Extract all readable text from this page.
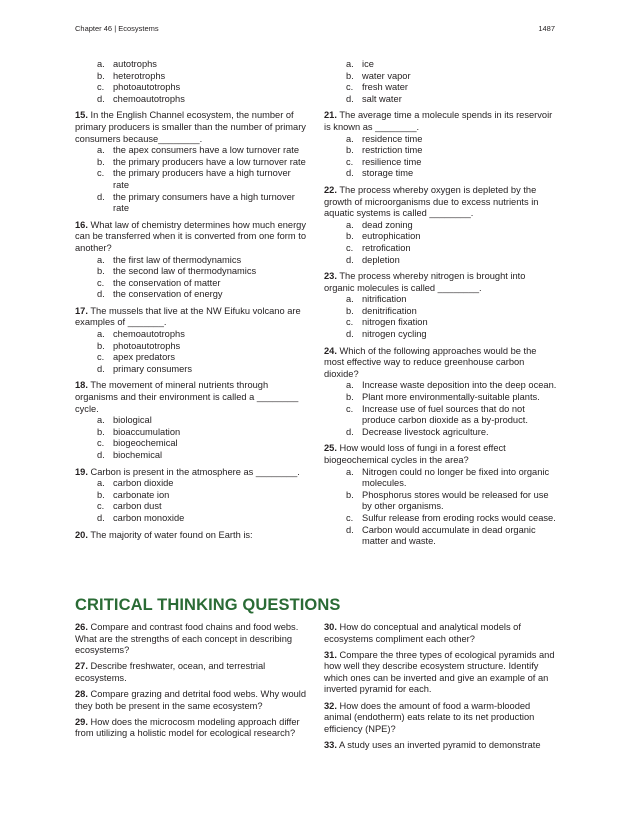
Chapter 46 | Ecosystems	1487
a. autotrophs
b. heterotrophs
c. photoautotrophs
d. chemoautotrophs
15. In the English Channel ecosystem, the number of primary producers is smaller than the number of primary consumers because________.
a. the apex consumers have a low turnover rate
b. the primary producers have a low turnover rate
c. the primary producers have a high turnover rate
d. the primary consumers have a high turnover rate
16. What law of chemistry determines how much energy can be transferred when it is converted from one form to another?
a. the first law of thermodynamics
b. the second law of thermodynamics
c. the conservation of matter
d. the conservation of energy
17. The mussels that live at the NW Eifuku volcano are examples of _______.
a. chemoautotrophs
b. photoautotrophs
c. apex predators
d. primary consumers
18. The movement of mineral nutrients through organisms and their environment is called a ________ cycle.
a. biological
b. bioaccumulation
c. biogeochemical
d. biochemical
19. Carbon is present in the atmosphere as ________.
a. carbon dioxide
b. carbonate ion
c. carbon dust
d. carbon monoxide
20. The majority of water found on Earth is:
a. ice
b. water vapor
c. fresh water
d. salt water
21. The average time a molecule spends in its reservoir is known as ________.
a. residence time
b. restriction time
c. resilience time
d. storage time
22. The process whereby oxygen is depleted by the growth of microorganisms due to excess nutrients in aquatic systems is called ________.
a. dead zoning
b. eutrophication
c. retrofication
d. depletion
23. The process whereby nitrogen is brought into organic molecules is called ________.
a. nitrification
b. denitrification
c. nitrogen fixation
d. nitrogen cycling
24. Which of the following approaches would be the most effective way to reduce greenhouse carbon dioxide?
a. Increase waste deposition into the deep ocean.
b. Plant more environmentally-suitable plants.
c. Increase use of fuel sources that do not produce carbon dioxide as a by-product.
d. Decrease livestock agriculture.
25. How would loss of fungi in a forest effect biogeochemical cycles in the area?
a. Nitrogen could no longer be fixed into organic molecules.
b. Phosphorus stores would be released for use by other organisms.
c. Sulfur release from eroding rocks would cease.
d. Carbon would accumulate in dead organic matter and waste.
CRITICAL THINKING QUESTIONS
26. Compare and contrast food chains and food webs. What are the strengths of each concept in describing ecosystems?
27. Describe freshwater, ocean, and terrestrial ecosystems.
28. Compare grazing and detrital food webs. Why would they both be present in the same ecosystem?
29. How does the microcosm modeling approach differ from utilizing a holistic model for ecological research?
30. How do conceptual and analytical models of ecosystems compliment each other?
31. Compare the three types of ecological pyramids and how well they describe ecosystem structure. Identify which ones can be inverted and give an example of an inverted pyramid for each.
32. How does the amount of food a warm-blooded animal (endotherm) eats relate to its net production efficiency (NPE)?
33. A study uses an inverted pyramid to demonstrate
